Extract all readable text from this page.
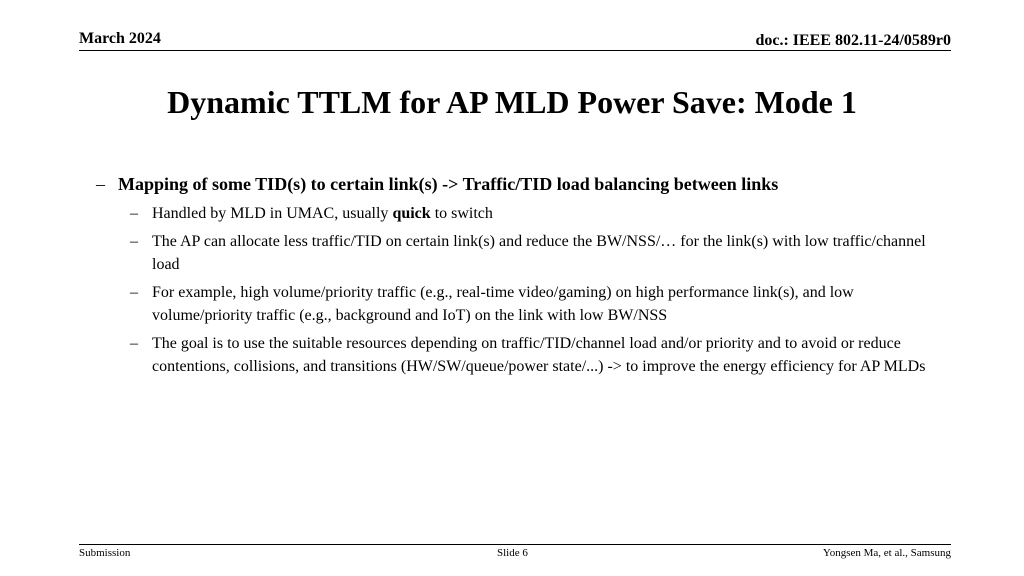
March 2024	doc.: IEEE 802.11-24/0589r0
Dynamic TTLM for AP MLD Power Save: Mode 1
– Mapping of some TID(s) to certain link(s) -> Traffic/TID load balancing between links
– Handled by MLD in UMAC, usually quick to switch
– The AP can allocate less traffic/TID on certain link(s) and reduce the BW/NSS/… for the link(s) with low traffic/channel load
– For example, high volume/priority traffic (e.g., real-time video/gaming) on high performance link(s), and low volume/priority traffic (e.g., background and IoT) on the link with low BW/NSS
– The goal is to use the suitable resources depending on traffic/TID/channel load and/or priority and to avoid or reduce contentions, collisions, and transitions (HW/SW/queue/power state/...) -> to improve the energy efficiency for AP MLDs
Submission	Slide 6	Yongsen Ma, et al., Samsung
